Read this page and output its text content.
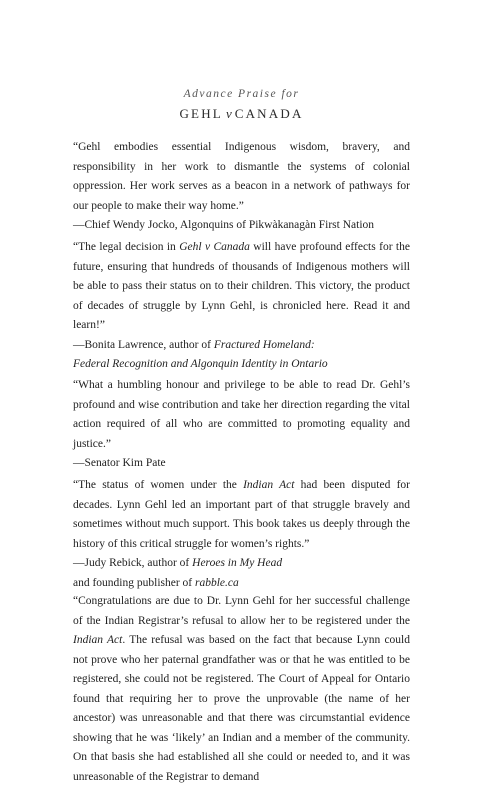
Advance Praise for
GEHL v CANADA

“Gehl embodies essential Indigenous wisdom, bravery, and responsibility in her work to dismantle the systems of colonial oppression. Her work serves as a beacon in a network of pathways for our people to make their way home.”

—Chief Wendy Jocko, Algonquins of Pikwàkanagàn First Nation

“The legal decision in Gehl v Canada will have profound effects for the future, ensuring that hundreds of thousands of Indigenous mothers will be able to pass their status on to their children. This victory, the product of decades of struggle by Lynn Gehl, is chronicled here. Read it and learn!”

—Bonita Lawrence, author of Fractured Homeland:

Federal Recognition and Algonquin Identity in Ontario

“What a humbling honour and privilege to be able to read Dr. Gehl’s profound and wise contribution and take her direction regarding the vital action required of all who are committed to promoting equality and justice.”

—Senator Kim Pate

“The status of women under the Indian Act had been disputed for decades. Lynn Gehl led an important part of that struggle bravely and sometimes without much support. This book takes us deeply through the history of this critical struggle for women’s rights.”

—Judy Rebick, author of Heroes in My Head

and founding publisher of rabble.ca

“Congratulations are due to Dr. Lynn Gehl for her successful challenge of the Indian Registrar’s refusal to allow her to be registered under the Indian Act. The refusal was based on the fact that because Lynn could not prove who her paternal grandfather was or that he was entitled to be registered, she could not be registered. The Court of Appeal for Ontario found that requiring her to prove the unprovable (the name of her ancestor) was unreasonable and that there was circumstantial evidence showing that he was ‘likely’ an Indian and a member of the community. On that basis she had established all she could or needed to, and it was unreasonable of the Registrar to demand
